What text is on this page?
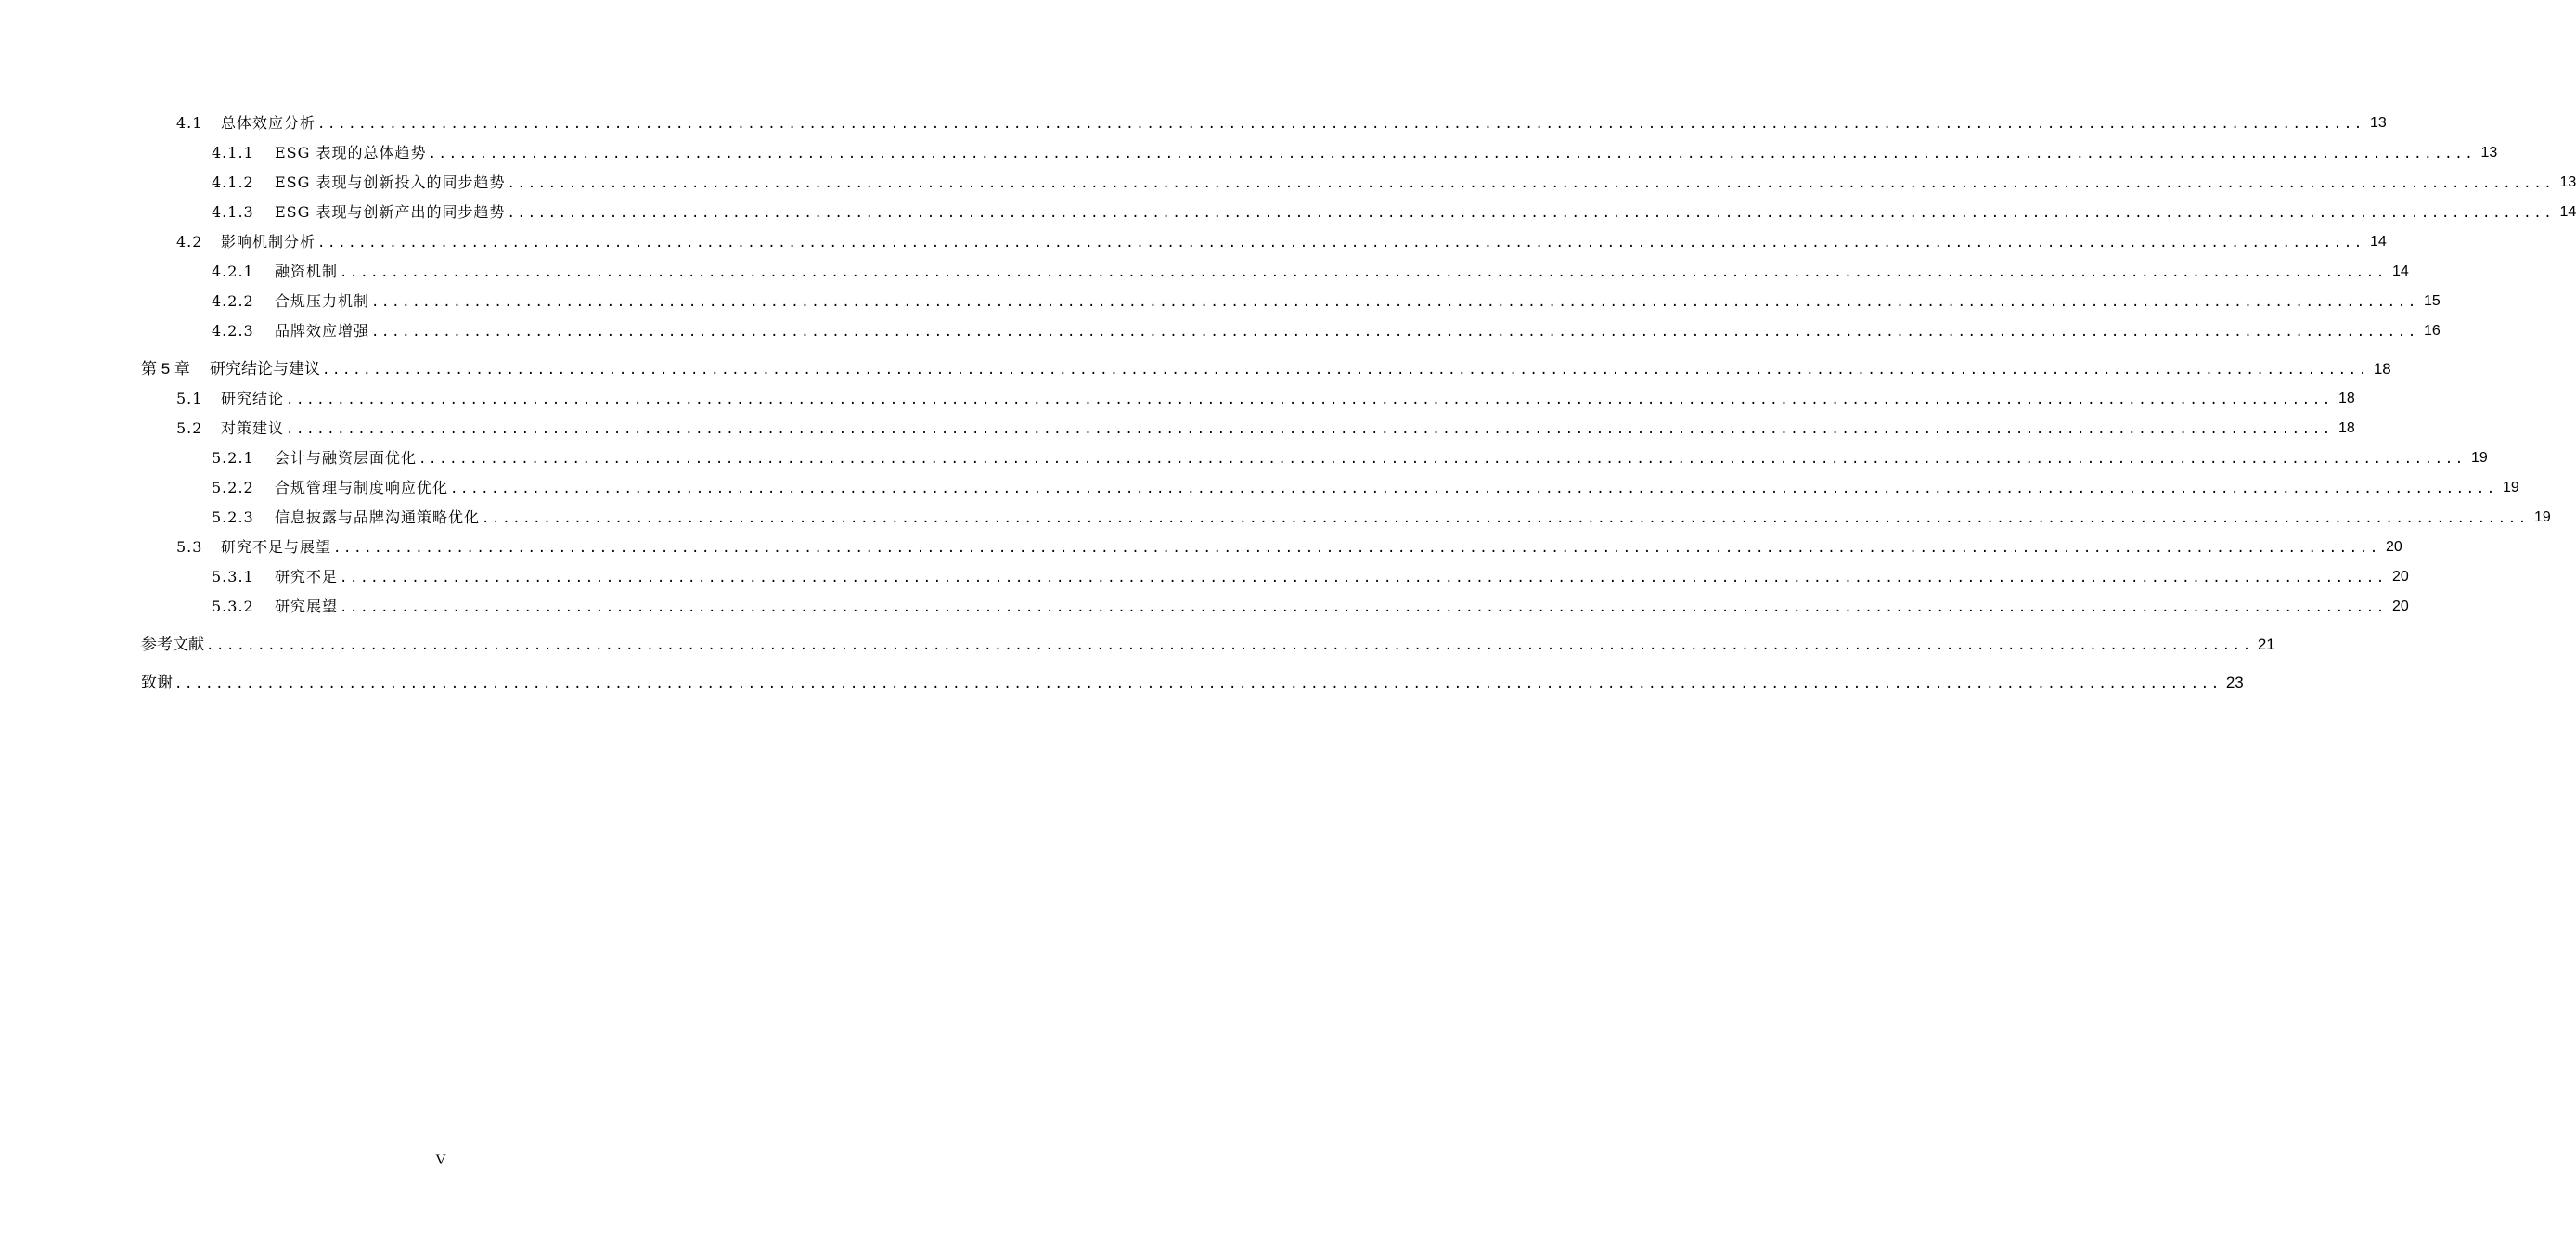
4.1	总体效应分析 ........................................................................................................................................................................................................ 13
4.1.1	ESG 表现的总体趋势 ........................................................................................................................................................................................................ 13
4.1.2	ESG 表现与创新投入的同步趋势 ........................................................................................................................................................................................................ 13
4.1.3	ESG 表现与创新产出的同步趋势 ........................................................................................................................................................................................................ 14
4.2	影响机制分析 ........................................................................................................................................................................................................ 14
4.2.1	融资机制 ........................................................................................................................................................................................................ 14
4.2.2	合规压力机制 ........................................................................................................................................................................................................ 15
4.2.3	品牌效应增强 ........................................................................................................................................................................................................ 16
第 5 章	研究结论与建议 ........................................................................................................................................................................................................ 18
5.1	研究结论 ........................................................................................................................................................................................................ 18
5.2	对策建议 ........................................................................................................................................................................................................ 18
5.2.1	会计与融资层面优化 ........................................................................................................................................................................................................ 19
5.2.2	合规管理与制度响应优化 ........................................................................................................................................................................................................ 19
5.2.3	信息披露与品牌沟通策略优化 ........................................................................................................................................................................................................ 19
5.3	研究不足与展望 ........................................................................................................................................................................................................ 20
5.3.1	研究不足 ........................................................................................................................................................................................................ 20
5.3.2	研究展望 ........................................................................................................................................................................................................ 20
参考文献 ........................................................................................................................................................................................................ 21
致谢 ........................................................................................................................................................................................................ 23
V
